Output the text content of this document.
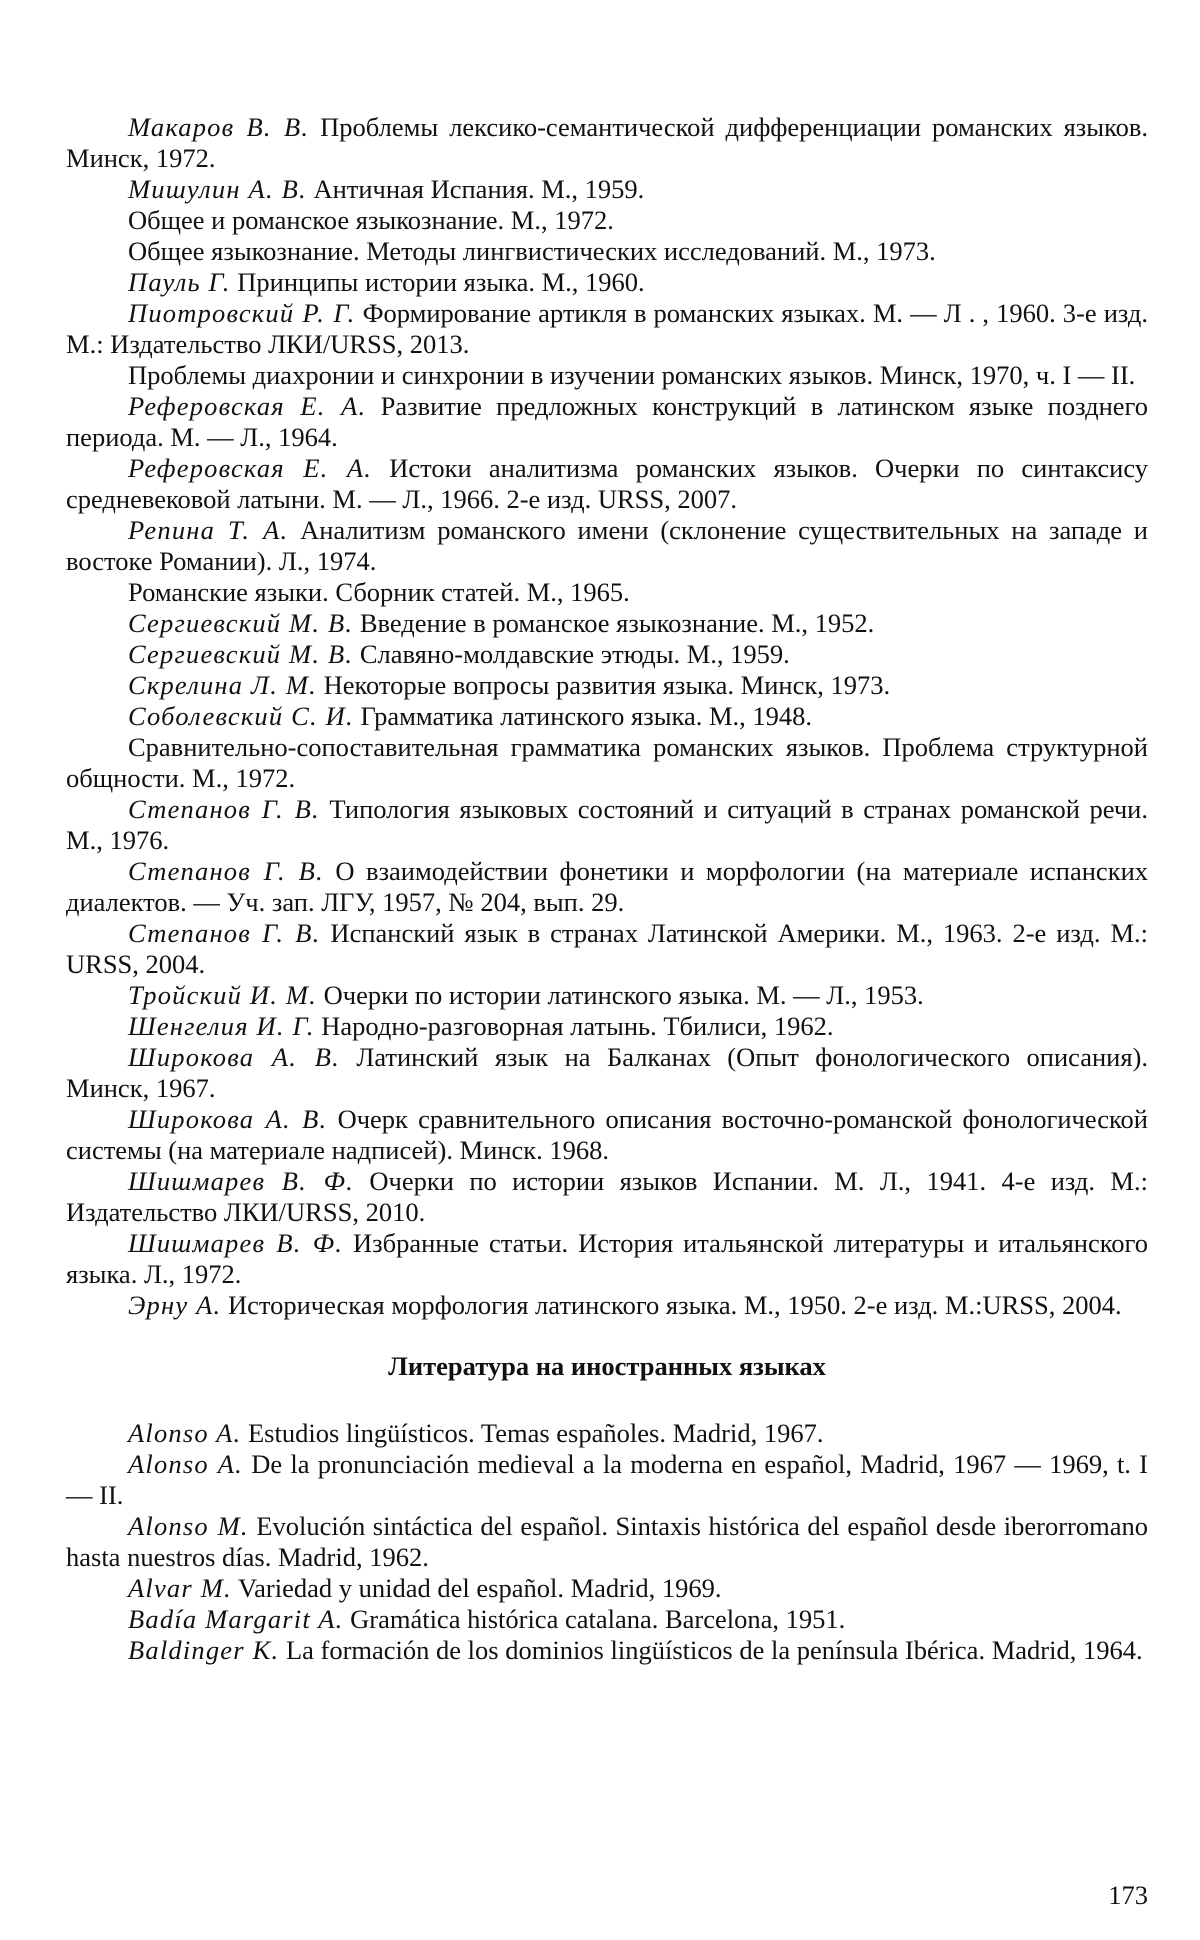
Макаров В. В. Проблемы лексико-семантической дифференциации романских языков. Минск, 1972.

Мишулин А. В. Античная Испания. М., 1959.

Общее и романское языкознание. М., 1972.

Общее языкознание. Методы лингвистических исследований. М., 1973.

Пауль Г. Принципы истории языка. М., 1960.

Пиотровский Р. Г. Формирование артикля в романских языках. М. — Л . , 1960. 3-е изд. М.: Издательство ЛКИ/URSS, 2013.

Проблемы диахронии и синхронии в изучении романских языков. Минск, 1970, ч. I — II.

Реферовская Е. А. Развитие предложных конструкций в латинском языке позднего периода. М. — Л., 1964.

Реферовская Е. А. Истоки аналитизма романских языков. Очерки по синтаксису средневековой латыни. М. — Л., 1966. 2-е изд. URSS, 2007.

Репина Т. А. Аналитизм романского имени (склонение существительных на западе и востоке Романии). Л., 1974.

Романские языки. Сборник статей. М., 1965.

Сергиевский М. В. Введение в романское языкознание. М., 1952.

Сергиевский М. В. Славяно-молдавские этюды. М., 1959.

Скрелина Л. М. Некоторые вопросы развития языка. Минск, 1973.

Соболевский С. И. Грамматика латинского языка. М., 1948.

Сравнительно-сопоставительная грамматика романских языков. Проблема структурной общности. М., 1972.

Степанов Г. В. Типология языковых состояний и ситуаций в странах романской речи. М., 1976.

Степанов Г. В. О взаимодействии фонетики и морфологии (на материале испанских диалектов. — Уч. зап. ЛГУ, 1957, № 204, вып. 29.

Степанов Г. В. Испанский язык в странах Латинской Америки. М., 1963. 2-е изд. М.: URSS, 2004.

Тройский И. М. Очерки по истории латинского языка. М. — Л., 1953.

Шенгелия И. Г. Народно-разговорная латынь. Тбилиси, 1962.

Широкова А. В. Латинский язык на Балканах (Опыт фонологического описания). Минск, 1967.

Широкова А. В. Очерк сравнительного описания восточно-романской фонологической системы (на материале надписей). Минск. 1968.

Шишмарев В. Ф. Очерки по истории языков Испании. М. Л., 1941. 4-е изд. М.: Издательство ЛКИ/URSS, 2010.

Шишмарев В. Ф. Избранные статьи. История итальянской литературы и итальянского языка. Л., 1972.

Эрну А. Историческая морфология латинского языка. М., 1950. 2-е изд. М.:URSS, 2004.

Литература на иностранных языках

Alonso A. Estudios lingüísticos. Temas españoles. Madrid, 1967.

Alonso A. De la pronunciación medieval a la moderna en español, Madrid, 1967 — 1969, t. I — II.

Alonso M. Evolución sintáctica del español. Sintaxis histórica del español desde iberorromano hasta nuestros días. Madrid, 1962.

Alvar M. Variedad y unidad del español. Madrid, 1969.

Badía Margarit A. Gramática histórica catalana. Barcelona, 1951.

Baldinger K. La formación de los dominios lingüísticos de la península Ibérica. Madrid, 1964.

173
